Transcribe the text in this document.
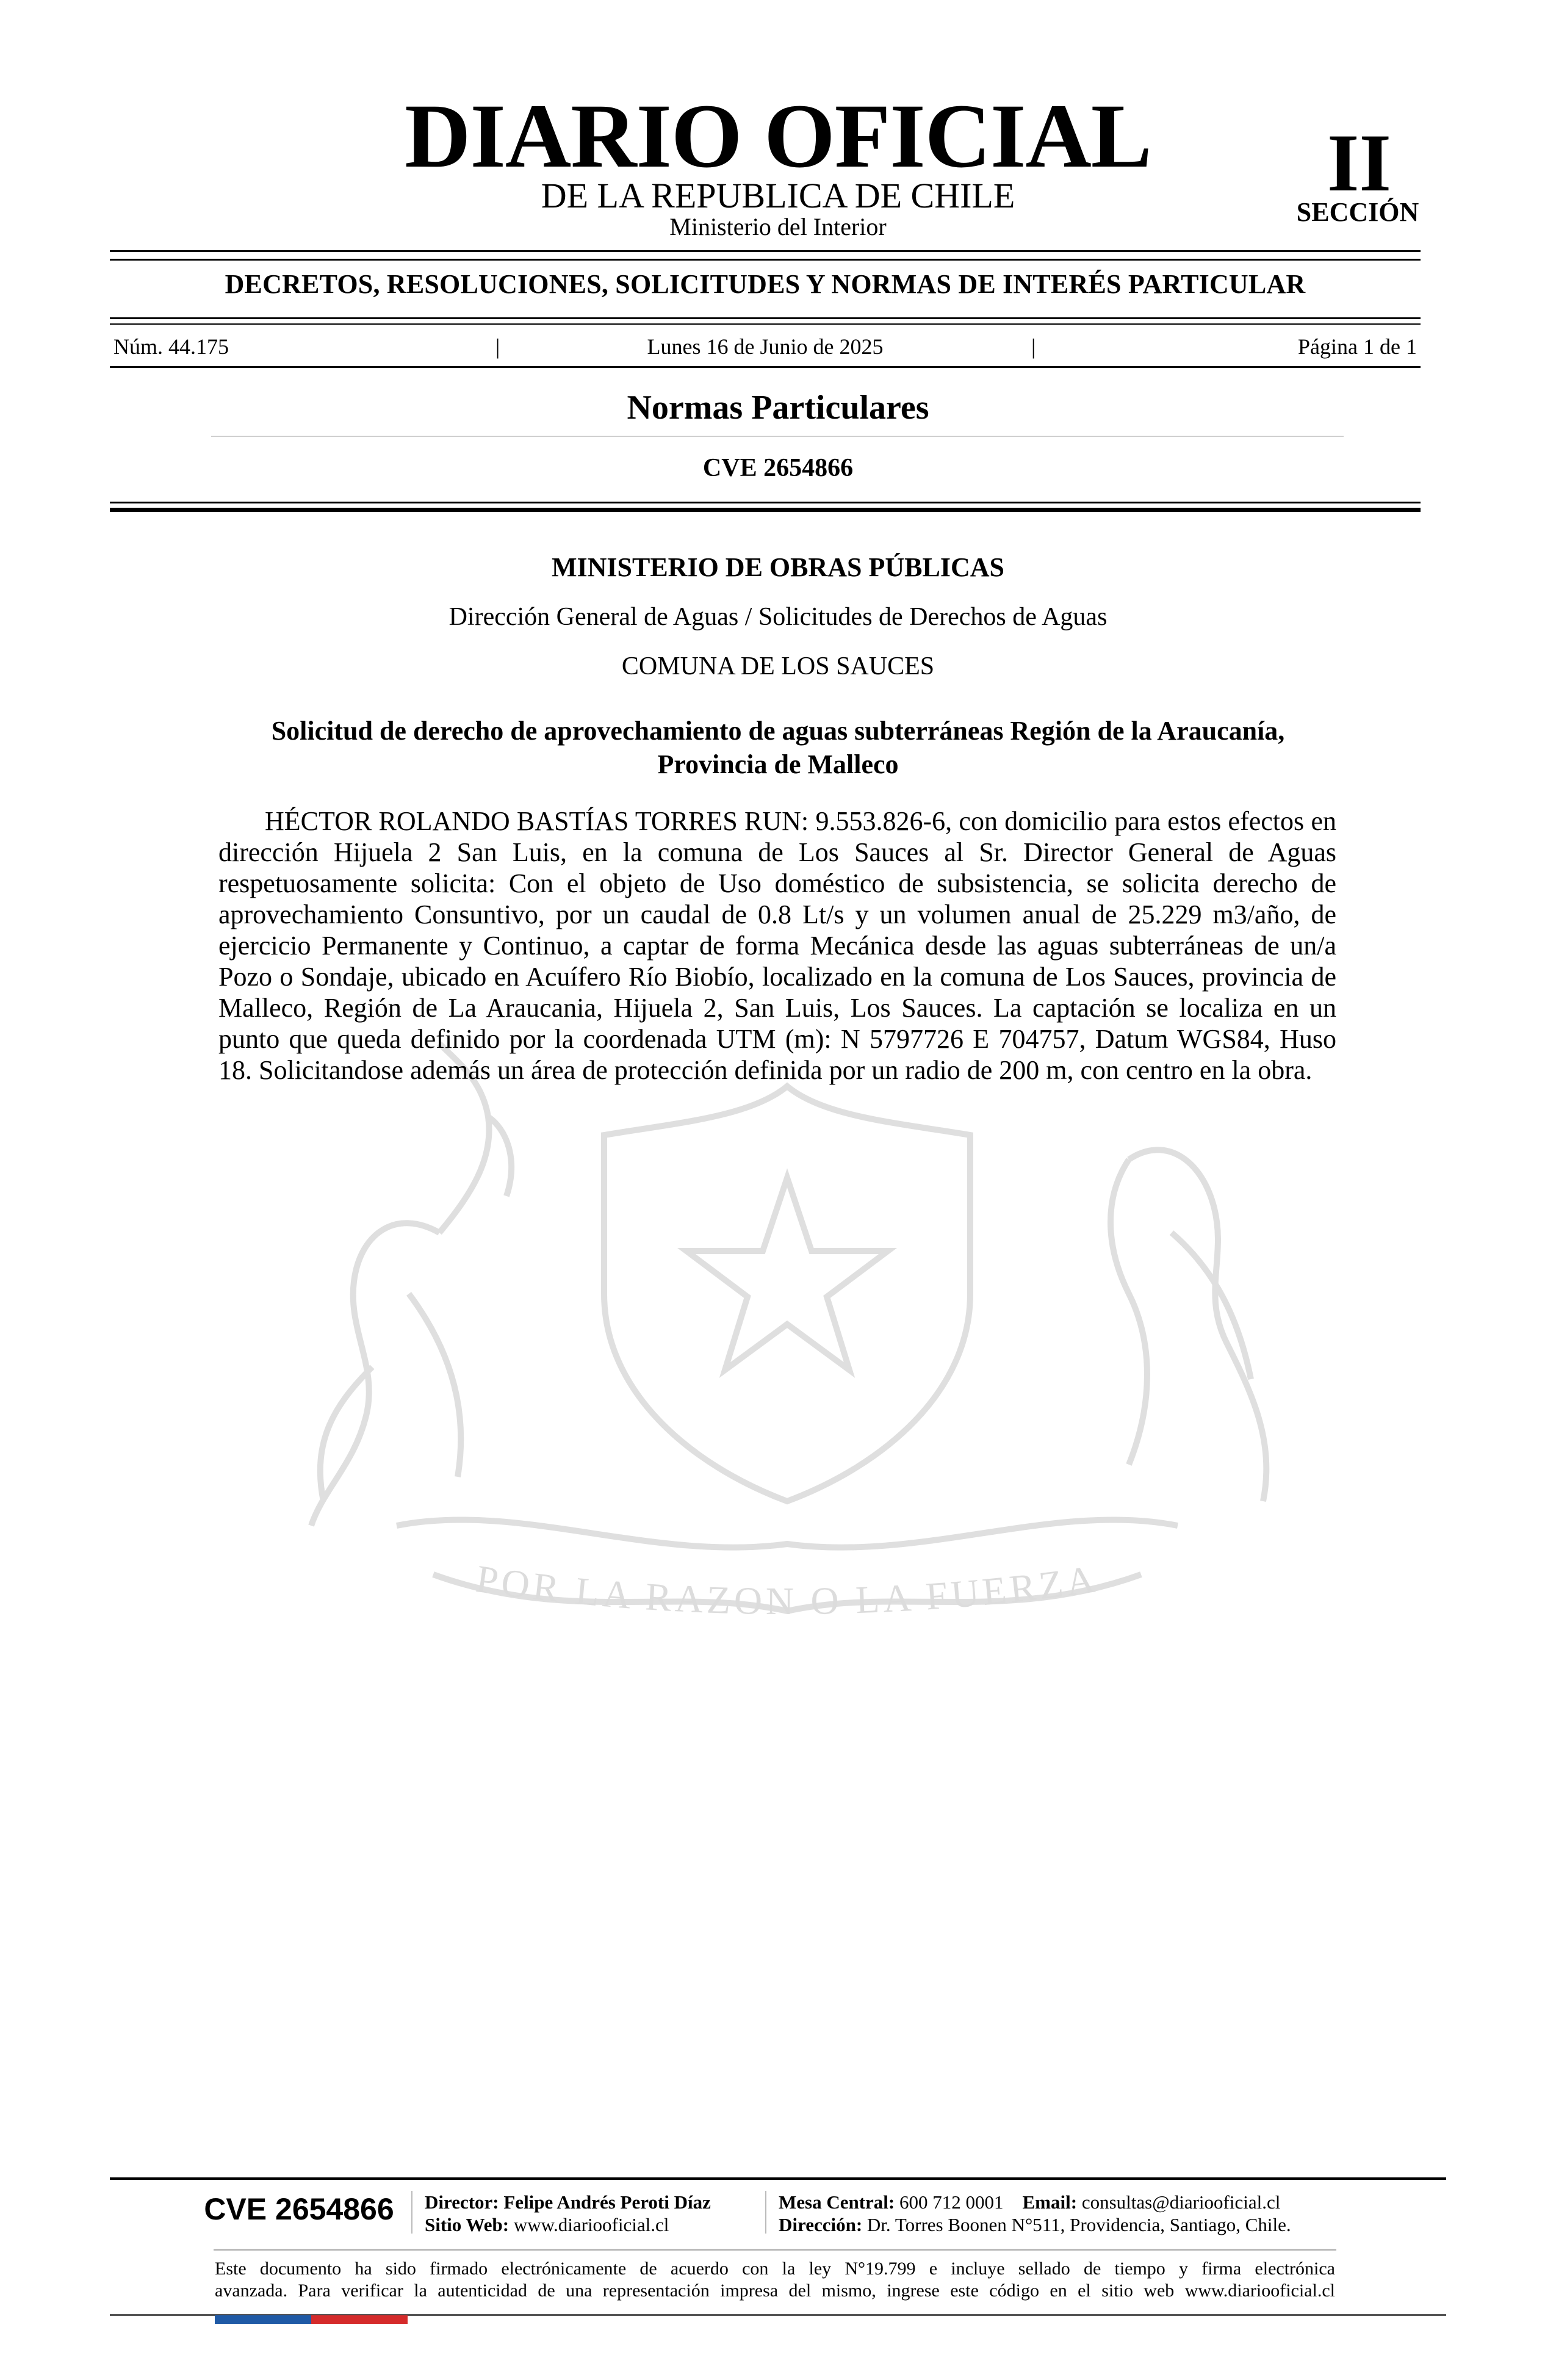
DIARIO OFICIAL
DE LA REPUBLICA DE CHILE
Ministerio del Interior
II
SECCIÓN
DECRETOS, RESOLUCIONES, SOLICITUDES Y NORMAS DE INTERÉS PARTICULAR
Núm. 44.175	|	Lunes 16 de Junio de 2025	|	Página 1 de 1
Normas Particulares
CVE 2654866
POR LA RAZON O LA FUERZA
MINISTERIO DE OBRAS PÚBLICAS
Dirección General de Aguas / Solicitudes de Derechos de Aguas
COMUNA DE LOS SAUCES
Solicitud de derecho de aprovechamiento de aguas subterráneas Región de la Araucanía, Provincia de Malleco
HÉCTOR ROLANDO BASTÍAS TORRES RUN: 9.553.826-6, con domicilio para estos efectos en dirección Hijuela 2 San Luis, en la comuna de Los Sauces al Sr. Director General de Aguas respetuosamente solicita: Con el objeto de Uso doméstico de subsistencia, se solicita derecho de aprovechamiento Consuntivo, por un caudal de 0.8 Lt/s y un volumen anual de 25.229 m3/año, de ejercicio Permanente y Continuo, a captar de forma Mecánica desde las aguas subterráneas de un/a Pozo o Sondaje, ubicado en Acuífero Río Biobío, localizado en la comuna de Los Sauces, provincia de Malleco, Región de La Araucania, Hijuela 2, San Luis, Los Sauces. La captación se localiza en un punto que queda definido por la coordenada UTM (m): N 5797726 E 704757, Datum WGS84, Huso 18. Solicitandose además un área de protección definida por un radio de 200 m, con centro en la obra.
CVE 2654866	Director: Felipe Andrés Peroti Díaz
Sitio Web: www.diariooficial.cl
Mesa Central: 600 712 0001 Email: consultas@diariooficial.cl
Dirección: Dr. Torres Boonen N°511, Providencia, Santiago, Chile.
Este documento ha sido firmado electrónicamente de acuerdo con la ley N°19.799 e incluye sellado de tiempo y firma electrónica
avanzada. Para verificar la autenticidad de una representación impresa del mismo, ingrese este código en el sitio web www.diariooficial.cl
